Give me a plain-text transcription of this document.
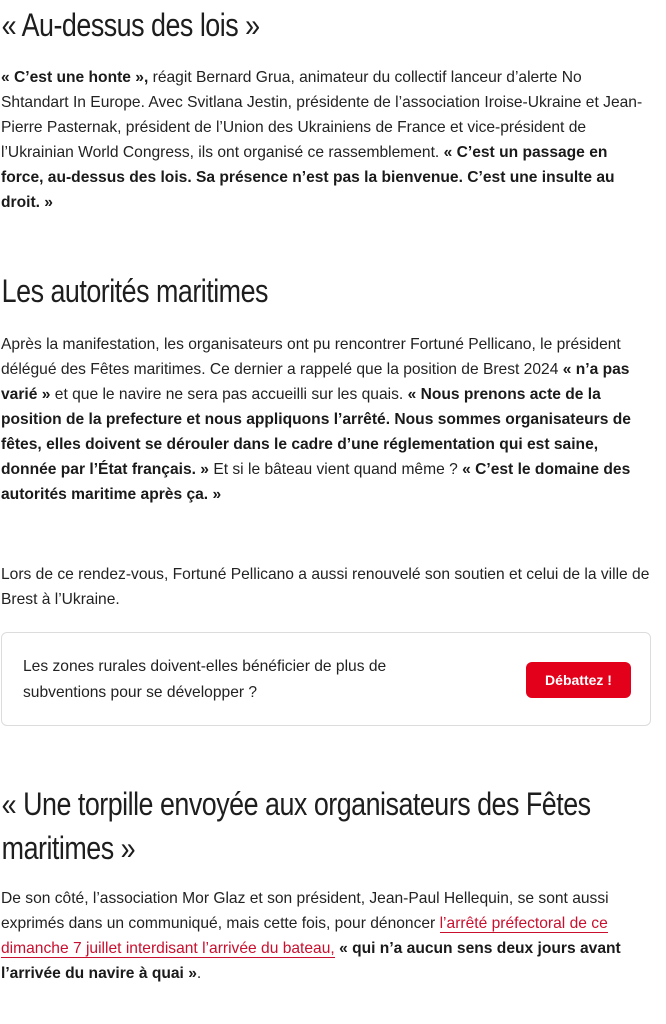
« Au-dessus des lois »

« C’est une honte », réagit Bernard Grua, animateur du collectif lanceur d’alerte No Shtandart In Europe. Avec Svitlana Jestin, présidente de l’association Iroise-Ukraine et Jean-Pierre Pasternak, président de l’Union des Ukrainiens de France et vice-président de l’Ukrainian World Congress, ils ont organisé ce rassemblement. « C’est un passage en force, au-dessus des lois. Sa présence n’est pas la bienvenue. C’est une insulte au droit. »

Les autorités maritimes

Après la manifestation, les organisateurs ont pu rencontrer Fortuné Pellicano, le président délégué des Fêtes maritimes. Ce dernier a rappelé que la position de Brest 2024 « n’a pas varié » et que le navire ne sera pas accueilli sur les quais. « Nous prenons acte de la position de la prefecture et nous appliquons l’arrêté. Nous sommes organisateurs de fêtes, elles doivent se dérouler dans le cadre d’une réglementation qui est saine, donnée par l’État français. » Et si le bâteau vient quand même ? « C’est le domaine des autorités maritime après ça. »

Lors de ce rendez-vous, Fortuné Pellicano a aussi renouvelé son soutien et celui de la ville de Brest à l’Ukraine.

Les zones rurales doivent-elles bénéficier de plus de subventions pour se développer ?
Débattez !
« Une torpille envoyée aux organisateurs des Fêtes
maritimes »

De son côté, l’association Mor Glaz et son président, Jean-Paul Hellequin, se sont aussi exprimés dans un communiqué, mais cette fois, pour dénoncer l’arrêté préfectoral de ce dimanche 7 juillet interdisant l’arrivée du bateau, « qui n’a aucun sens deux jours avant l’arrivée du navire à quai ».
